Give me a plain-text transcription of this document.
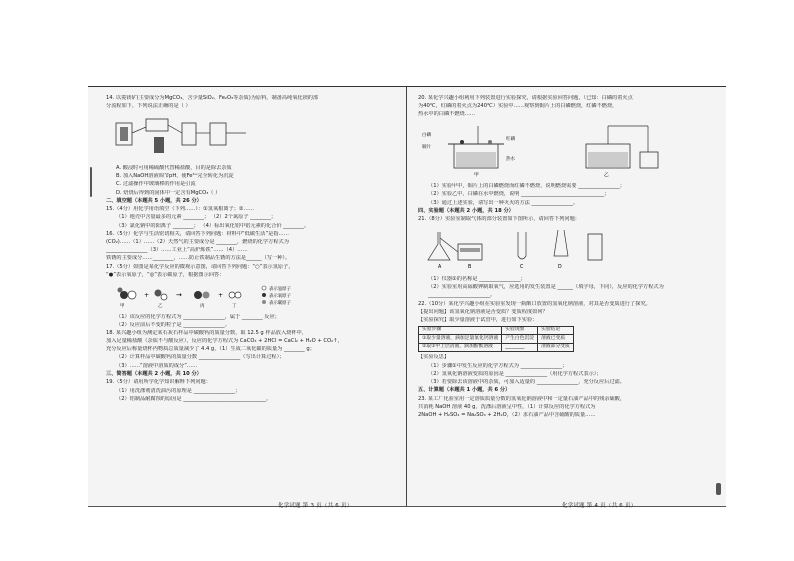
14. 以菱镁矿(主要成分为MgCO₃，含少量SiO₂、Fe₂O₃等杂质)为原料，制备高纯氧化镁的部
分流程如下，下列说法正确的是（ ）
A. 酸浸时可用稀硫酸代替稀盐酸，目的是除去杂质
B. 加入NaOH溶液调节pH，使Fe³⁺完全转化为沉淀
C. 过滤操作中玻璃棒的作用是引流
D. 焙烧后得到的固体中一定含有MgCO₃（ ）
二、填空题（本题共 5 小题，共 26 分）
15.（4分）用化学用语填空（下列……）：①氢氧根离子；②……
（1）地壳中含量最多的元素 ________； （2）2个氮原子 ________；
（3）氯化钠中的阳离子 ________； （4）标出氧化铝中铝元素的化合价 ________。
16.（5分）化学与生活密切相关，请回答下列问题：材料中“低碳生活”是指……
(CO₂)……（1）……（2）天然气的主要成分是 ________，燃烧的化学方程式为
________________（3）……工业上“高炉炼铁”……（4）……
铁锈的主要成分……________，……防止铁制品生锈的方法是______（写一种）。
17.（5分）如图是某化学反应的微观示意图，请回答下列问题：“○”表示氢原子，
“●”表示氧原子，“◎”表示碳原子，根据图示回答：
+	→	+
甲	乙	丙	丁
表示氢原子
表示氧原子
表示碳原子
（1）该反应的化学方程式为 ________________，属于 ________ 反应；
（2）反应前后不变的粒子是 ________________。
18. 某兴趣小组为测定某石灰石样品中碳酸钙的质量分数，取 12.5 g 样品放入烧杯中，
加入足量稀盐酸（杂质不与酸反应），反应的化学方程式为 CaCO₃ + 2HCl = CaCl₂ + H₂O + CO₂↑，
充分反应后称量烧杯内物质总质量减少了 4.4 g，（1）生成二氧化碳的质量为 ________ g；
（2）计算样品中碳酸钙的质量分数 ________________（写出计算过程）；
（3）……“溶液中溶质的成分”……
三、简答题（本题共 2 小题，共 10 分）
19.（5分）请用所学化学知识解释下列问题：
（1）用洗涤剂清洗油污的原理是 ________________；
（2）铝制品耐腐蚀的原因是 ________________________________。
20. 某化学兴趣小组利用下列装置进行实验探究，请根据实验回答问题，（已知：白磷的着火点
为40℃，红磷的着火点为240℃）实验中……观察到铜片上的白磷燃烧，红磷不燃烧，
热水中的白磷不燃烧……
白磷
红磷
铜片
热水
甲	乙
（1）实验甲中，铜片上的白磷燃烧而红磷不燃烧，说明燃烧需要 ________________；
（2）实验乙中，白磷在水中燃烧，说明 ________________________________；
（3）通过上述实验，请写出一种灭火的方法 ________________。
四、实验题（本题共 2 小题，共 18 分）
21.（8分）实验室制取气体的部分装置如下图所示，请回答下列问题：
A	B	C	D
（1）仪器①的名称是 ________________；
（2）实验室用高锰酸钾制取氧气，应选用的发生装置是 ______（填字母，下同），反应的化学方程式为
________________________。
22.（10分）某化学兴趣小组在实验室发现一瓶敞口放置的氢氧化钠溶液，对其是否变质进行了探究。
【提出问题】该氢氧化钠溶液是否变质？变质程度如何？
【实验探究】取少量溶液于试管中，进行如下实验：
实验步骤	实验现象	实验结论
①取少量溶液，滴加足量氯化钙溶液	产生白色沉淀	溶液已变质
②取①中上层清液，滴加酚酞溶液	________	溶液部分变质
【实验反思】
（1）步骤①中发生反应的化学方程式为 ________________；
（2）氢氧化钠溶液变质的原因是 ________________（用化学方程式表示）；
（3）若要除去该溶液中的杂质，可加入适量的 ________________，充分反应后过滤。
五、计算题（本题共 1 小题，共 6 分）
23. 某工厂化验室用一定溶质质量分数的氢氧化钠溶液中和一定量石油产品中的残余硫酸，
共消耗 NaOH 溶液 40 g，洗涤后溶液呈中性，（1）计算反应的化学方程式为
2NaOH + H₂SO₄ = Na₂SO₄ + 2H₂O，（2）求石油产品中含硫酸的质量……
化学试题 第 3 页（共 6 页）	化学试题 第 4 页（共 6 页）
